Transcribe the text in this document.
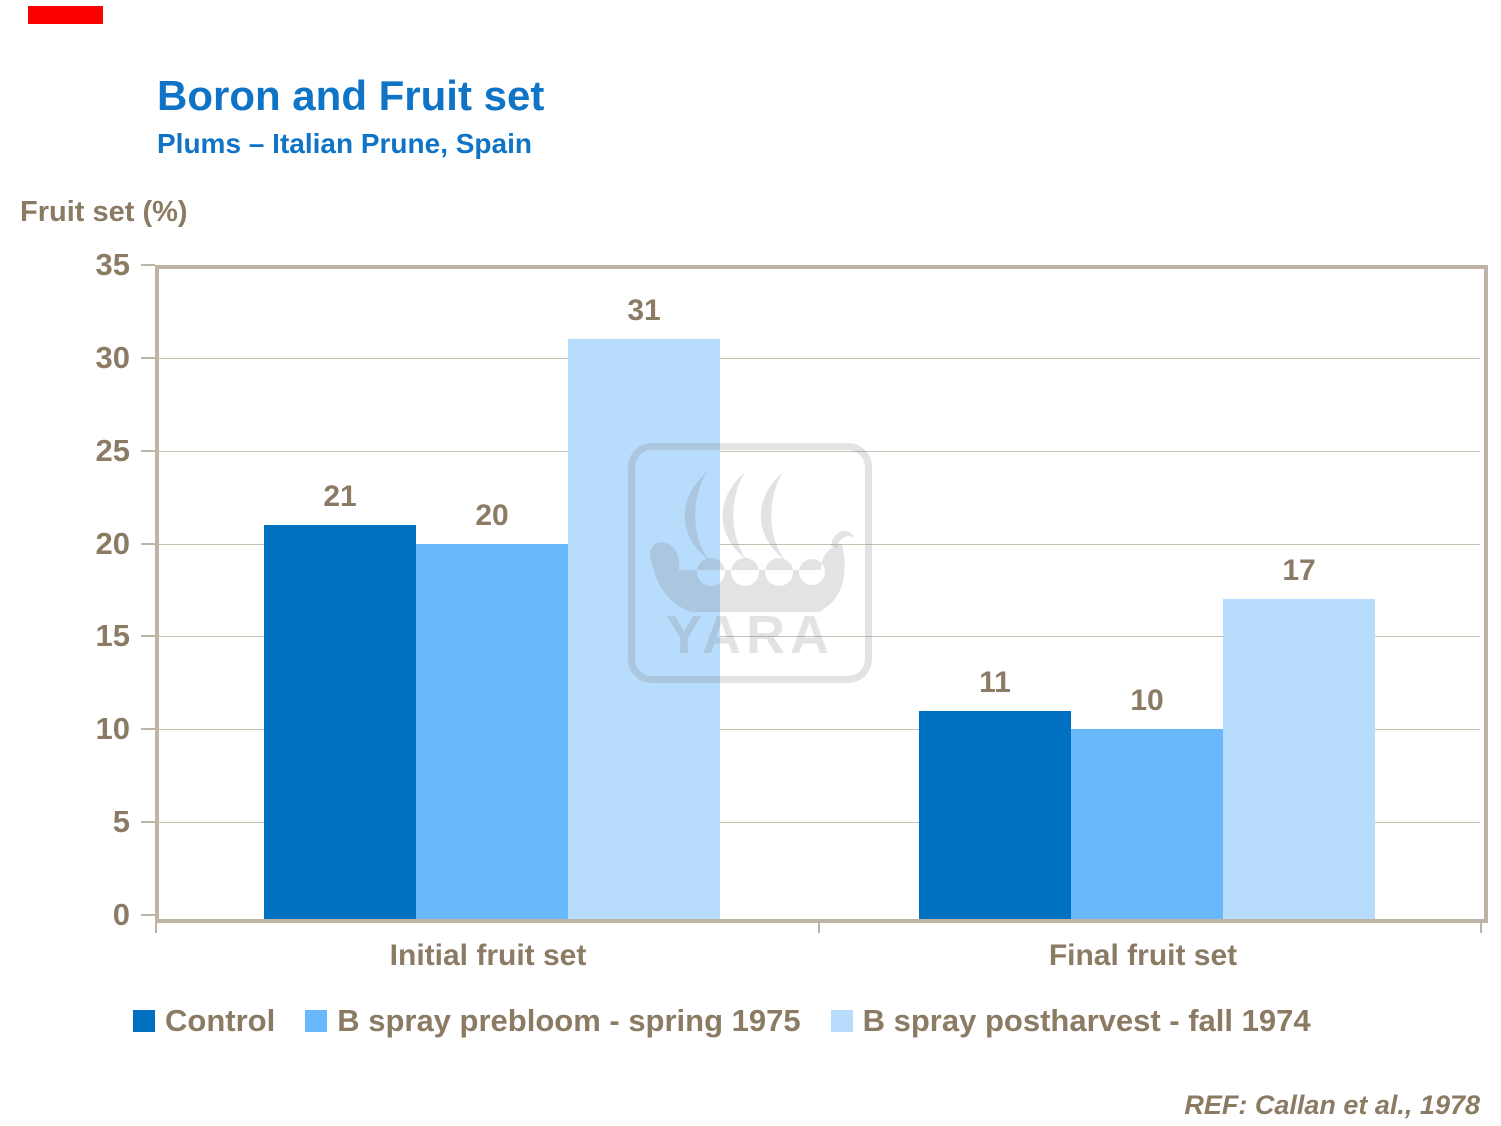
Boron and Fruit set
Plums – Italian Prune, Spain
Fruit set (%)
21
11
20
10
31
17
0
5
10
15
20
25
30
35
Initial fruit set	Final fruit set
YARA
Control B spray prebloom - spring 1975 B spray postharvest - fall 1974
REF: Callan et al., 1978
